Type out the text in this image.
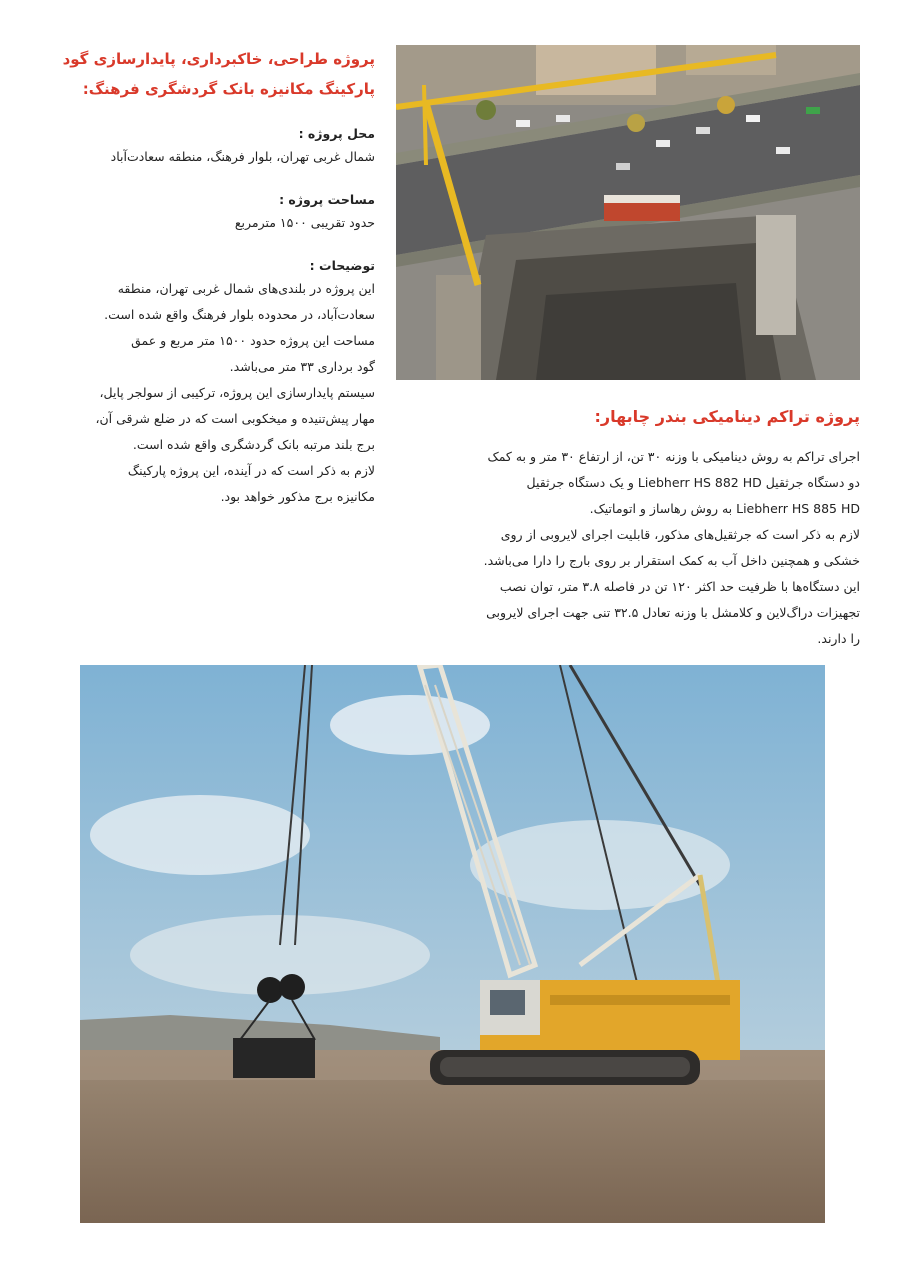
پروژه طراحی، خاکبرداری، پایدارسازی گود

پارکینگ مکانیزه بانک گردشگری فرهنگ:

محل پروژه :

شمال غربی تهران، بلوار فرهنگ، منطقه سعادت‌آباد

مساحت پروژه :

حدود تقریبی ۱۵۰۰ مترمربع

توضیحات :

این پروژه در بلندی‌های شمال غربی تهران، منطقه

سعادت‌آباد، در محدوده بلوار فرهنگ واقع شده است.

مساحت این پروژه حدود ۱۵۰۰ متر مربع و عمق

گود برداری ۳۳ متر می‌باشد.

سیستم پایدارسازی این پروژه، ترکیبی از سولجر پایل،

مهار پیش‌تنیده و میخکوبی است که در ضلع شرقی آن،

برج بلند مرتبه بانک گردشگری واقع شده است.

لازم به ذکر است که در آینده، این پروژه پارکینگ

مکانیزه برج مذکور خواهد بود.

پروژه تراکم دینامیکی بندر چابهار:

اجرای تراکم به روش دینامیکی با وزنه ۳۰ تن، از ارتفاع ۳۰ متر و به کمک

دو دستگاه جرثقیل Liebherr HS 882 HD و یک دستگاه جرثقیل

Liebherr HS 885 HD به روش رهاساز و اتوماتیک.

لازم به ذکر است که جرثقیل‌های مذکور، قابلیت اجرای لایروبی از روی

خشکی و همچنین داخل آب به کمک استقرار بر روی بارج را دارا می‌باشد.

این دستگاه‌ها با ظرفیت حد اکثر ۱۲۰ تن در فاصله ۳.۸ متر، توان نصب

تجهیزات دراگ‌لاین و کلامشل با وزنه تعادل ۳۲.۵ تنی جهت اجرای لایروبی

را دارند.
